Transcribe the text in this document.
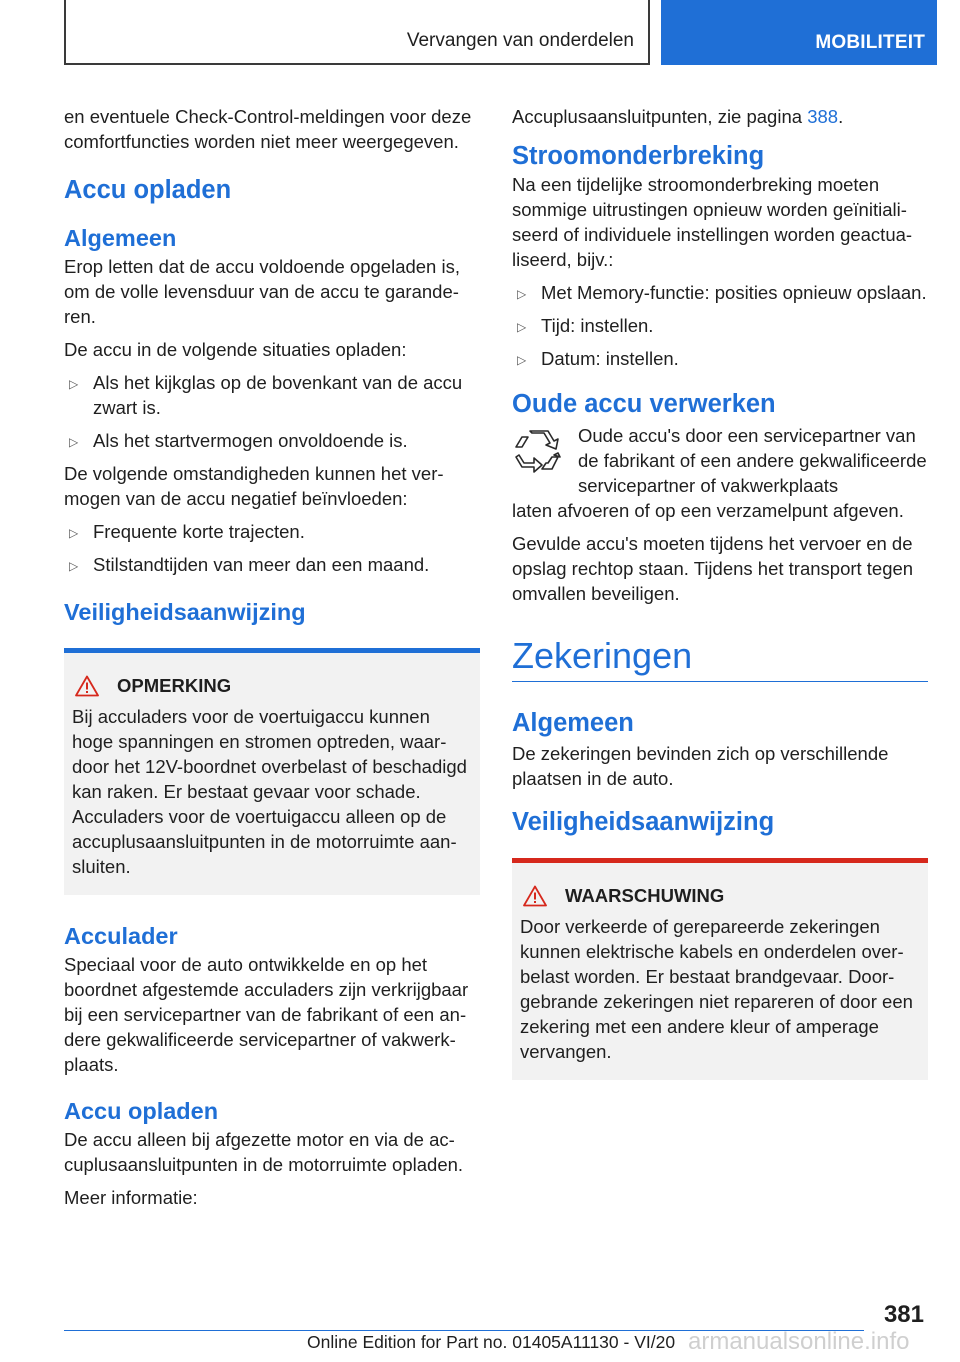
Vervangen van onderdelen	MOBILITEIT

en eventuele Check-Control-meldingen voor deze comfortfuncties worden niet meer weergegeven.

Accu opladen
Algemeen

Erop letten dat de accu voldoende opgeladen is, om de volle levensduur van de accu te garanderen.

De accu in de volgende situaties opladen:

▷ Als het kijkglas op de bovenkant van de accu zwart is.
▷ Als het startvermogen onvoldoende is.

De volgende omstandigheden kunnen het vermogen van de accu negatief beïnvloeden:

▷ Frequente korte trajecten.
▷ Stilstandtijden van meer dan een maand.
Veiligheidsaanwijzing
OPMERKING

Bij acculaders voor de voertuigaccu kunnen hoge spanningen en stromen optreden, waardoor het 12V-boordnet overbelast of beschadigd kan raken. Er bestaat gevaar voor schade. Acculaders voor de voertuigaccu alleen op de accuplusaansluitpunten in de motorruimte aansluiten.

Acculader

Speciaal voor de auto ontwikkelde en op het boordnet afgestemde acculaders zijn verkrijgbaar bij een servicepartner van de fabrikant of een andere gekwalificeerde servicepartner of vakwerkplaats.

Accu opladen

De accu alleen bij afgezette motor en via de accuplusaansluitpunten in de motorruimte opladen.

Meer informatie:

Accuplusaansluitpunten, zie pagina 388.

Stroomonderbreking

Na een tijdelijke stroomonderbreking moeten sommige uitrustingen opnieuw worden geïnitialiseerd of individuele instellingen worden geactualiseerd, bijv.:

▷ Met Memory-functie: posities opnieuw opslaan.
▷ Tijd: instellen.
▷ Datum: instellen.
Oude accu verwerken

Oude accu's door een servicepartner van de fabrikant of een andere gekwalificeerde servicepartner of vakwerkplaats

laten afvoeren of op een verzamelpunt afgeven.

Gevulde accu's moeten tijdens het vervoer en de opslag rechtop staan. Tijdens het transport tegen omvallen beveiligen.

Zekeringen
Algemeen

De zekeringen bevinden zich op verschillende plaatsen in de auto.

Veiligheidsaanwijzing
WAARSCHUWING

Door verkeerde of gerepareerde zekeringen kunnen elektrische kabels en onderdelen overbelast worden. Er bestaat brandgevaar. Doorgebrande zekeringen niet repareren of door een zekering met een andere kleur of amperage vervangen.

381
Online Edition for Part no. 01405A11130 - VI/20 armanualsonline.info
